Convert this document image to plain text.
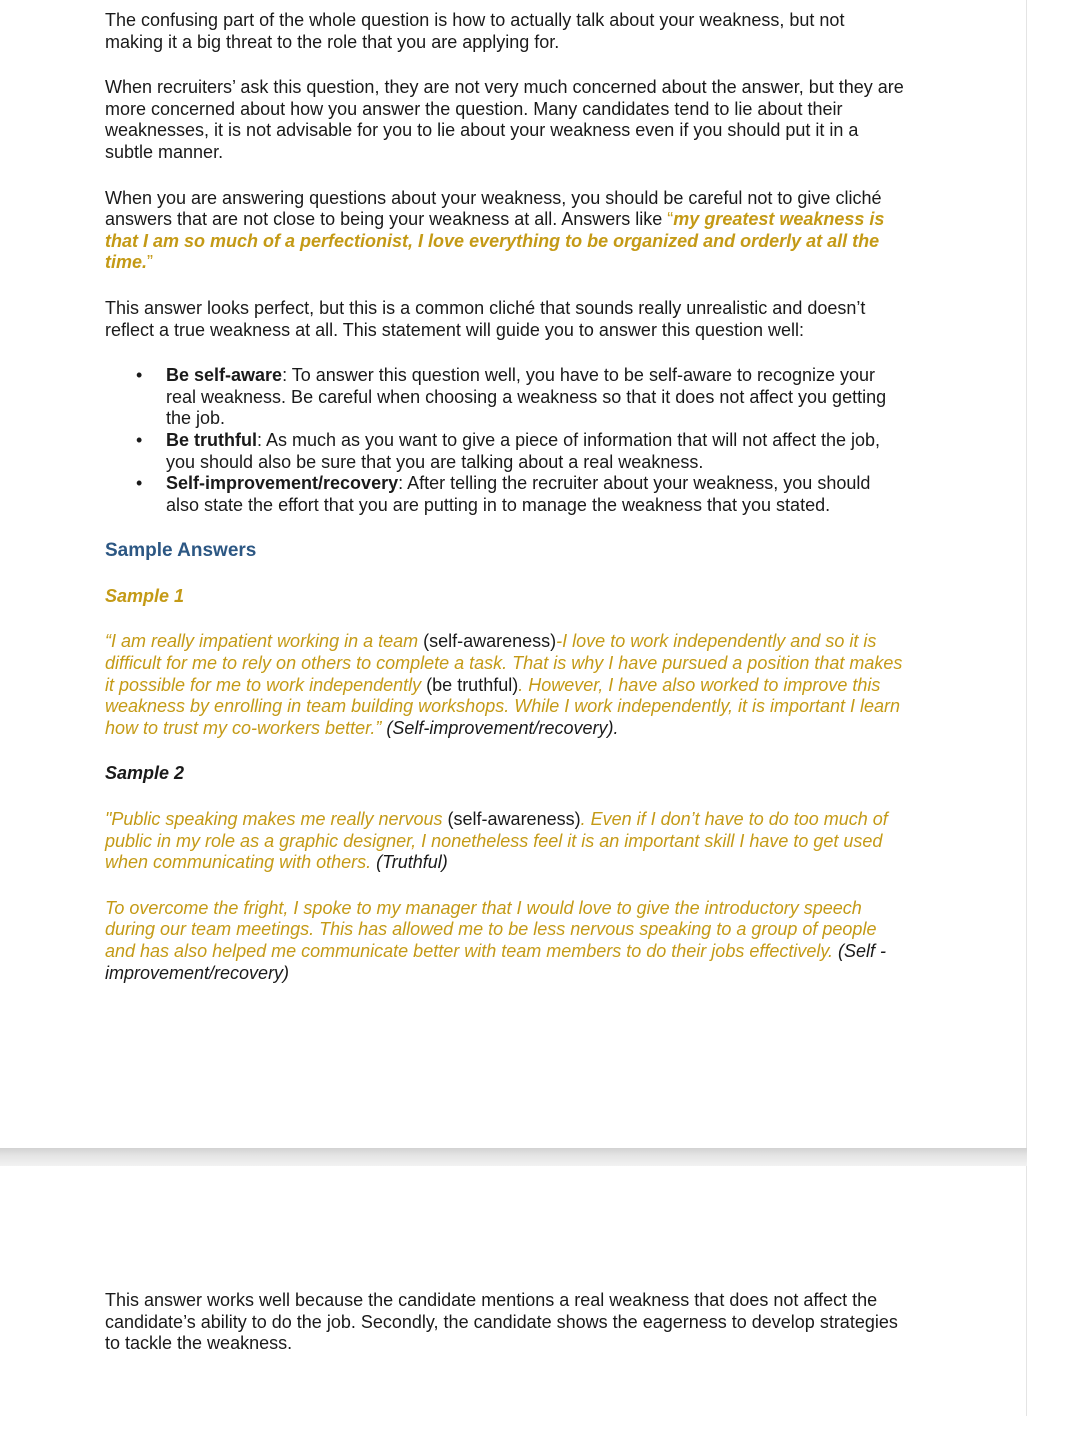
The confusing part of the whole question is how to actually talk about your weakness, but not making it a big threat to the role that you are applying for.

When recruiters’ ask this question, they are not very much concerned about the answer, but they are more concerned about how you answer the question. Many candidates tend to lie about their weaknesses, it is not advisable for you to lie about your weakness even if you should put it in a subtle manner.

When you are answering questions about your weakness, you should be careful not to give cliché answers that are not close to being your weakness at all. Answers like “my greatest weakness is that I am so much of a perfectionist, I love everything to be organized and orderly at all the time.”

This answer looks perfect, but this is a common cliché that sounds really unrealistic and doesn’t reflect a true weakness at all. This statement will guide you to answer this question well:

• Be self-aware: To answer this question well, you have to be self-aware to recognize your real weakness. Be careful when choosing a weakness so that it does not affect you getting the job.
• Be truthful: As much as you want to give a piece of information that will not affect the job, you should also be sure that you are talking about a real weakness.
• Self-improvement/recovery: After telling the recruiter about your weakness, you should also state the effort that you are putting in to manage the weakness that you stated.
Sample Answers
Sample 1

“I am really impatient working in a team (self-awareness)-I love to work independently and so it is difficult for me to rely on others to complete a task. That is why I have pursued a position that makes it possible for me to work independently (be truthful). However, I have also worked to improve this weakness by enrolling in team building workshops. While I work independently, it is important I learn how to trust my co-workers better.” (Self-improvement/recovery).

Sample 2

"Public speaking makes me really nervous (self-awareness). Even if I don’t have to do too much of public in my role as a graphic designer, I nonetheless feel it is an important skill I have to get used when communicating with others. (Truthful)

To overcome the fright, I spoke to my manager that I would love to give the introductory speech during our team meetings. This has allowed me to be less nervous speaking to a group of people and has also helped me communicate better with team members to do their jobs effectively. (Self -improvement/recovery)

This answer works well because the candidate mentions a real weakness that does not affect the candidate’s ability to do the job. Secondly, the candidate shows the eagerness to develop strategies to tackle the weakness.
